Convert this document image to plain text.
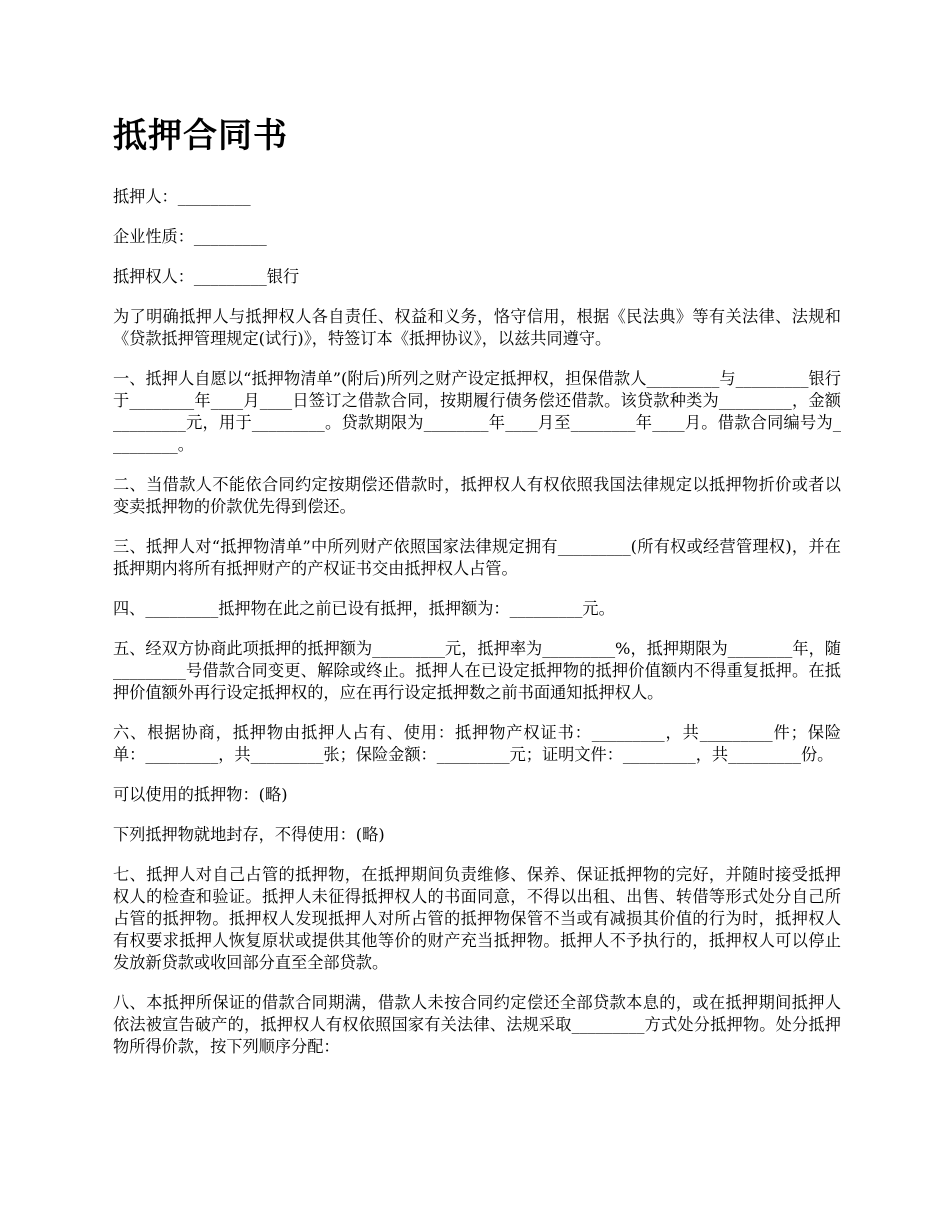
抵押合同书

抵押人：_________

企业性质：_________

抵押权人：_________银行

为了明确抵押人与抵押权人各自责任、权益和义务，恪守信用，根据《民法典》等有关法律、法规和《贷款抵押管理规定(试行)》，特签订本《抵押协议》，以兹共同遵守。

一、抵押人自愿以“抵押物清单”(附后)所列之财产设定抵押权，担保借款人_________与_________银行于________年____月____日签订之借款合同，按期履行债务偿还借款。该贷款种类为_________，金额_________元，用于_________。贷款期限为________年____月至________年____月。借款合同编号为_________。

二、当借款人不能依合同约定按期偿还借款时，抵押权人有权依照我国法律规定以抵押物折价或者以变卖抵押物的价款优先得到偿还。

三、抵押人对“抵押物清单”中所列财产依照国家法律规定拥有_________(所有权或经营管理权)，并在抵押期内将所有抵押财产的产权证书交由抵押权人占管。

四、_________抵押物在此之前已设有抵押，抵押额为：_________元。

五、经双方协商此项抵押的抵押额为_________元，抵押率为_________%，抵押期限为________年，随_________号借款合同变更、解除或终止。抵押人在已设定抵押物的抵押价值额内不得重复抵押。在抵押价值额外再行设定抵押权的，应在再行设定抵押数之前书面通知抵押权人。

六、根据协商，抵押物由抵押人占有、使用：抵押物产权证书：_________，共_________件；保险单：_________，共_________张；保险金额：_________元；证明文件：_________，共_________份。

可以使用的抵押物：(略)

下列抵押物就地封存，不得使用：(略)

七、抵押人对自己占管的抵押物，在抵押期间负责维修、保养、保证抵押物的完好，并随时接受抵押权人的检查和验证。抵押人未征得抵押权人的书面同意，不得以出租、出售、转借等形式处分自己所占管的抵押物。抵押权人发现抵押人对所占管的抵押物保管不当或有减损其价值的行为时，抵押权人有权要求抵押人恢复原状或提供其他等价的财产充当抵押物。抵押人不予执行的，抵押权人可以停止发放新贷款或收回部分直至全部贷款。

八、本抵押所保证的借款合同期满，借款人未按合同约定偿还全部贷款本息的，或在抵押期间抵押人依法被宣告破产的，抵押权人有权依照国家有关法律、法规采取_________方式处分抵押物。处分抵押物所得价款，按下列顺序分配：
